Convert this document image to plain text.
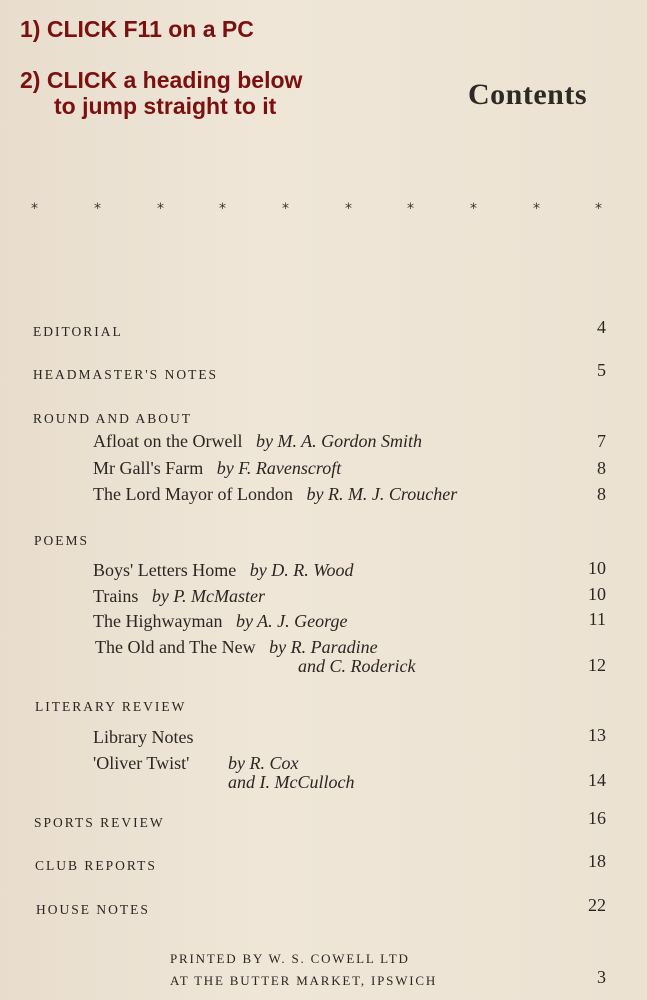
1) CLICK F11 on a PC
2) CLICK a heading below
to jump straight to it	Contents
*	*	*	*	*	*	*	*	*	*
EDITORIAL	4
HEADMASTER'S NOTES	5
ROUND AND ABOUT
Afloat on the Orwell by M. A. Gordon Smith	7
Mr Gall's Farm by F. Ravenscroft	8
The Lord Mayor of London by R. M. J. Croucher	8
POEMS
Boys' Letters Home by D. R. Wood	10
Trains by P. McMaster	10
The Highwayman by A. J. George	11
The Old and The New by R. Paradine
and C. Roderick	12
LITERARY REVIEW
Library Notes	13
'Oliver Twist' by R. Cox
and I. McCulloch	14
SPORTS REVIEW	16
CLUB REPORTS	18
HOUSE NOTES	22
PRINTED BY W. S. COWELL LTD
AT THE BUTTER MARKET, IPSWICH	3
